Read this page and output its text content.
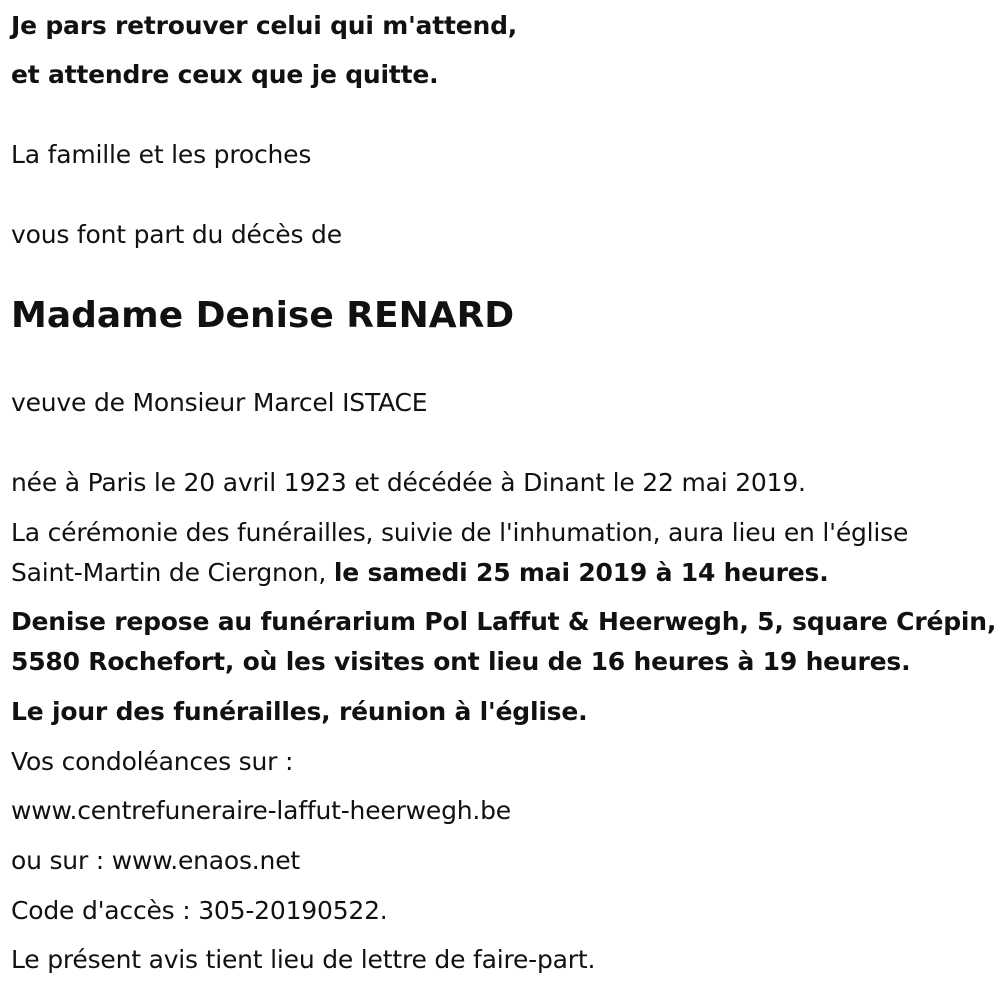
Je pars retrouver celui qui m'attend,
et attendre ceux que je quitte.
La famille et les proches
vous font part du décès de
Madame Denise RENARD
veuve de Monsieur Marcel ISTACE
née à Paris le 20 avril 1923 et décédée à Dinant le 22 mai 2019.
La cérémonie des funérailles, suivie de l'inhumation, aura lieu en l'église
Saint-Martin de Ciergnon, le samedi 25 mai 2019 à 14 heures.
Denise repose au funérarium Pol Laffut & Heerwegh, 5, square Crépin,
5580 Rochefort, où les visites ont lieu de 16 heures à 19 heures.
Le jour des funérailles, réunion à l'église.
Vos condoléances sur :
www.centrefuneraire-laffut-heerwegh.be
ou sur : www.enaos.net
Code d'accès : 305-20190522.
Le présent avis tient lieu de lettre de faire-part.
